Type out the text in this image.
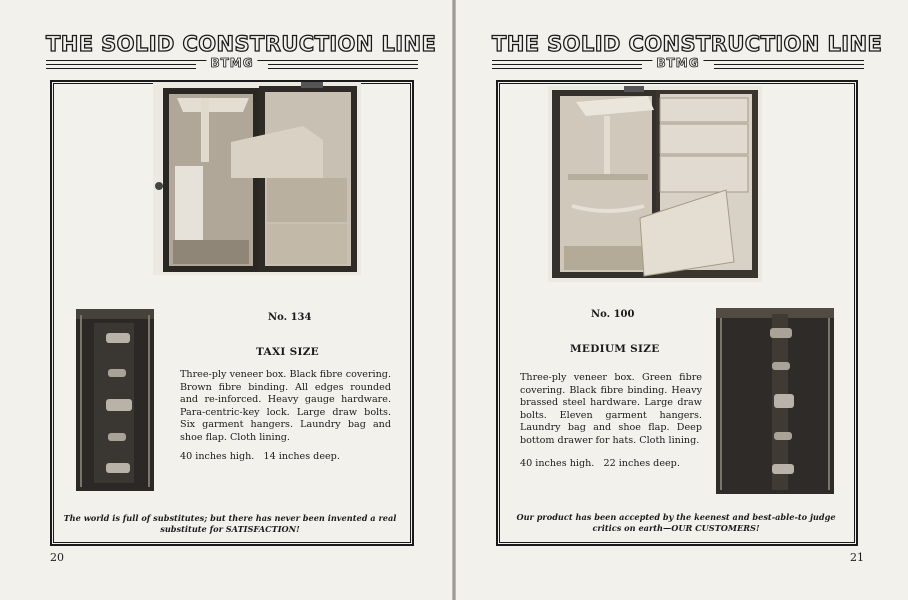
THE SOLID CONSTRUCTION LINE
BTMG
No. 134
TAXI SIZE
Three-ply veneer box. Black fibre covering. Brown fibre binding. All edges rounded and re-inforced. Heavy gauge hardware. Para-centric-key lock. Large draw bolts. Six garment hangers. Laundry bag and shoe flap. Cloth lining.
40 inches high.   14 inches deep.
The world is full of substitutes; but there has never been invented a real
substitute for SATISFACTION!
20
THE SOLID CONSTRUCTION LINE
BTMG
No. 100
MEDIUM SIZE
Three-ply veneer box. Green fibre covering. Black fibre binding. Heavy brassed steel hardware. Large draw bolts. Eleven garment hangers. Laundry bag and shoe flap. Deep bottom drawer for hats. Cloth lining.
40 inches high.   22 inches deep.
Our product has been accepted by the keenest and best-able-to judge
critics on earth—OUR CUSTOMERS!
21
